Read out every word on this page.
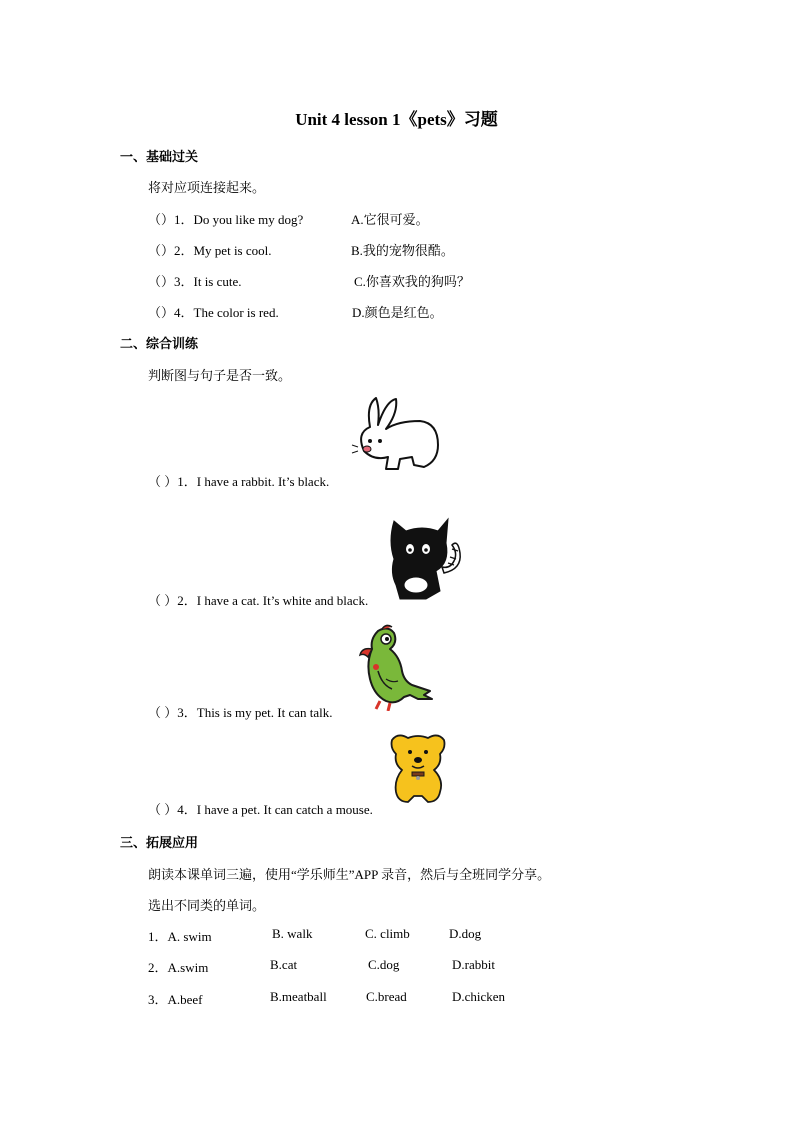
Unit 4 lesson 1《pets》习题
一、基础过关
将对应项连接起来。
（）1．Do you like my dog?	A.它很可爱。
（）2．My pet is cool.	B.我的宠物很酷。
（）3．It is cute.	C.你喜欢我的狗吗？
（）4．The color is red.	D.颜色是红色。
二、综合训练
判断图与句子是否一致。
（ ）1．I have a rabbit. It’s black.
（ ）2．I have a cat. It’s white and black.
（ ）3．This is my pet. It can talk.
（ ）4．I have a pet. It can catch a mouse.
三、拓展应用
朗读本课单词三遍，使用“学乐师生”APP 录音，然后与全班同学分享。
选出不同类的单词。
1．A. swim	B. walk	C. climb	D.dog
2．A.swim	B.cat	C.dog	D.rabbit
3．A.beef	B.meatball	C.bread	D.chicken
